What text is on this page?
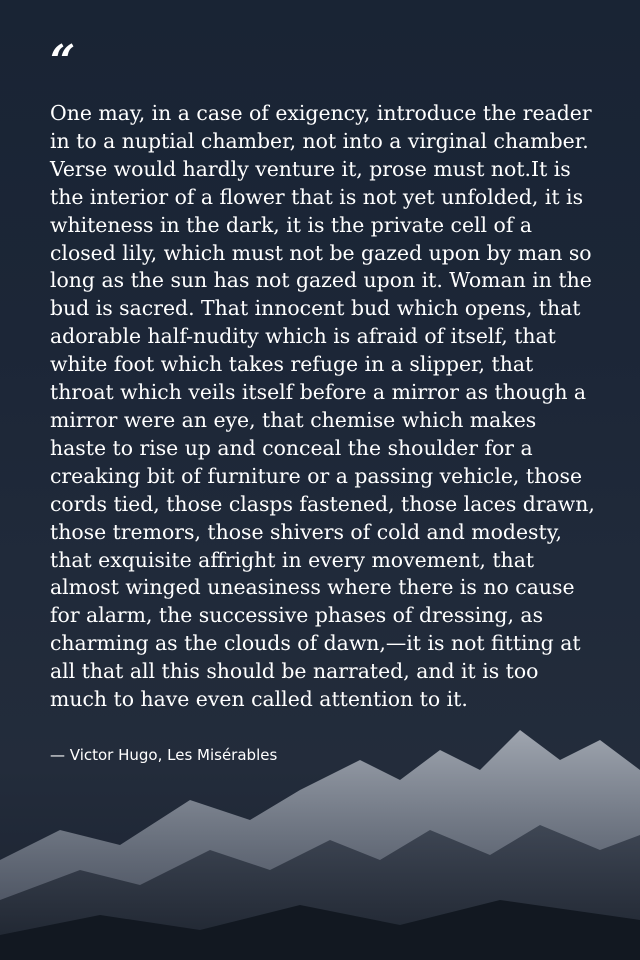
“

One may, in a case of exigency, introduce the reader in to a nuptial chamber, not into a virginal chamber. Verse would hardly venture it, prose must not.It is the interior of a flower that is not yet unfolded, it is whiteness in the dark, it is the private cell of a closed lily, which must not be gazed upon by man so long as the sun has not gazed upon it. Woman in the bud is sacred. That innocent bud which opens, that adorable half-nudity which is afraid of itself, that white foot which takes refuge in a slipper, that throat which veils itself before a mirror as though a mirror were an eye, that chemise which makes haste to rise up and conceal the shoulder for a creaking bit of furniture or a passing vehicle, those cords tied, those clasps fastened, those laces drawn, those tremors, those shivers of cold and modesty, that exquisite affright in every movement, that almost winged uneasiness where there is no cause for alarm, the successive phases of dressing, as charming as the clouds of dawn,—it is not fitting at all that all this should be narrated, and it is too much to have even called attention to it.

— Victor Hugo, Les Misérables
